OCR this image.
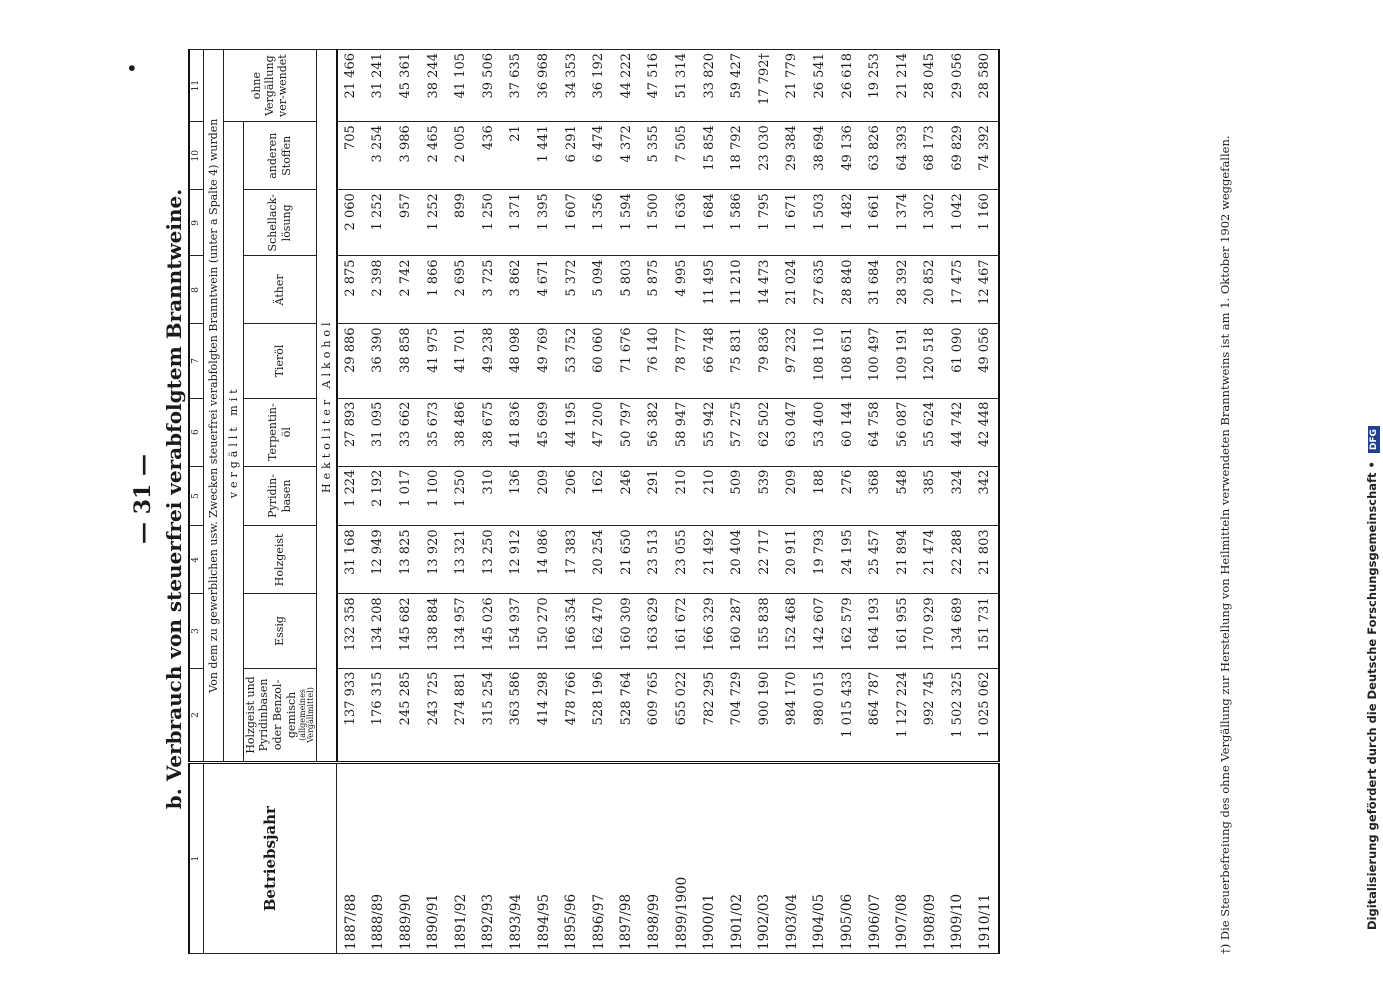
— 31 —
•
b. Verbrauch von steuerfrei verabfolgtem Branntweine.
1	2	3	4	5	6	7	8	9	10	11
Betriebsjahr	Von dem zu gewerblichen usw. Zwecken steuerfrei verabfolgten Branntwein (unter a Spalte 4) wurden									
	vergällt mit									ohne Vergällung ver-wendet

	Holzgeist und Pyridinbasen oder Benzol-gemisch (allgemeines Vergällmittel)	Essig	Holzgeist	Pyridin-basen	Terpentin-öl	Tieröl	Äther	Schellack-lösung	anderen Stoffen	
	Hektoliter Alkohol									
1887/88	137 933	132 358	31 168	1 224	27 893	29 886	2 875	2 060	705	21 466
1888/89	176 315	134 208	12 949	2 192	31 095	36 390	2 398	1 252	3 254	31 241
1889/90	245 285	145 682	13 825	1 017	33 662	38 858	2 742	957	3 986	45 361
1890/91	243 725	138 884	13 920	1 100	35 673	41 975	1 866	1 252	2 465	38 244
1891/92	274 881	134 957	13 321	1 250	38 486	41 701	2 695	899	2 005	41 105
1892/93	315 254	145 026	13 250	310	38 675	49 238	3 725	1 250	436	39 506
1893/94	363 586	154 937	12 912	136	41 836	48 098	3 862	1 371	21	37 635
1894/95	414 298	150 270	14 086	209	45 699	49 769	4 671	1 395	1 441	36 968
1895/96	478 766	166 354	17 383	206	44 195	53 752	5 372	1 607	6 291	34 353
1896/97	528 196	162 470	20 254	162	47 200	60 060	5 094	1 356	6 474	36 192
1897/98	528 764	160 309	21 650	246	50 797	71 676	5 803	1 594	4 372	44 222
1898/99	609 765	163 629	23 513	291	56 382	76 140	5 875	1 500	5 355	47 516
1899/1900	655 022	161 672	23 055	210	58 947	78 777	4 995	1 636	7 505	51 314
1900/01	782 295	166 329	21 492	210	55 942	66 748	11 495	1 684	15 854	33 820
1901/02	704 729	160 287	20 404	509	57 275	75 831	11 210	1 586	18 792	59 427
1902/03	900 190	155 838	22 717	539	62 502	79 836	14 473	1 795	23 030	17 792†
1903/04	984 170	152 468	20 911	209	63 047	97 232	21 024	1 671	29 384	21 779
1904/05	980 015	142 607	19 793	188	53 400	108 110	27 635	1 503	38 694	26 541
1905/06	1 015 433	162 579	24 195	276	60 144	108 651	28 840	1 482	49 136	26 618
1906/07	864 787	164 193	25 457	368	64 758	100 497	31 684	1 661	63 826	19 253
1907/08	1 127 224	161 955	21 894	548	56 087	109 191	28 392	1 374	64 393	21 214
1908/09	992 745	170 929	21 474	385	55 624	120 518	20 852	1 302	68 173	28 045
1909/10	1 502 325	134 689	22 288	324	44 742	61 090	17 475	1 042	69 829	29 056
1910/11	1 025 062	151 731	21 803	342	42 448	49 056	12 467	1 160	74 392	28 580
†) Die Steuerbefreiung des ohne Vergällung zur Herstellung von Heilmitteln verwendeten Branntweins ist am 1. Oktober 1902 weggefallen.	Digitalisierung gefördert durch die Deutsche Forschungsgemeinschaft • DFG
